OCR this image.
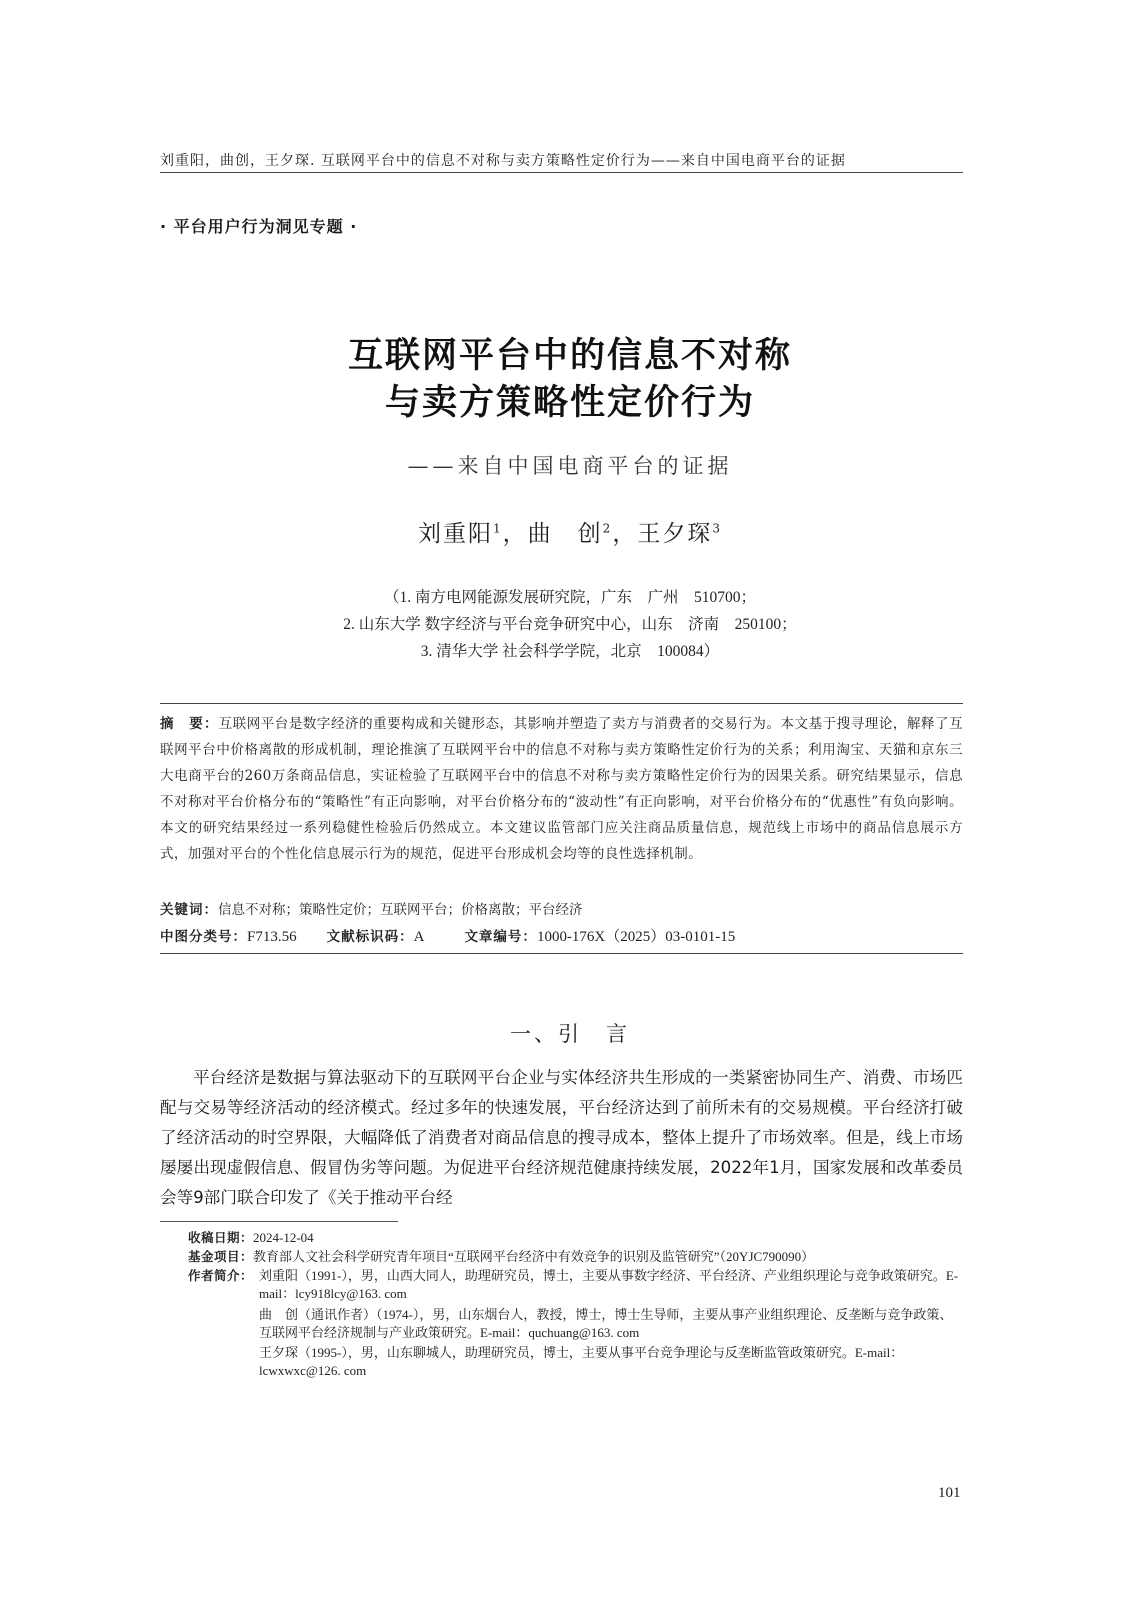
刘重阳，曲创，王夕琛. 互联网平台中的信息不对称与卖方策略性定价行为——来自中国电商平台的证据
· 平台用户行为洞见专题 ·
互联网平台中的信息不对称
与卖方策略性定价行为
——来自中国电商平台的证据
刘重阳$^1$，曲　创$^2$，王夕琛$^3$
（1. 南方电网能源发展研究院，广东　广州　510700；
2. 山东大学 数字经济与平台竞争研究中心，山东　济南　250100；
3. 清华大学 社会科学学院，北京　100084）
摘　要：互联网平台是数字经济的重要构成和关键形态，其影响并塑造了卖方与消费者的交易行为。本文基于搜寻理论，解释了互联网平台中价格离散的形成机制，理论推演了互联网平台中的信息不对称与卖方策略性定价行为的关系；利用淘宝、天猫和京东三大电商平台的260万条商品信息，实证检验了互联网平台中的信息不对称与卖方策略性定价行为的因果关系。研究结果显示，信息不对称对平台价格分布的“策略性”有正向影响，对平台价格分布的“波动性”有正向影响，对平台价格分布的“优惠性”有负向影响。本文的研究结果经过一系列稳健性检验后仍然成立。本文建议监管部门应关注商品质量信息，规范线上市场中的商品信息展示方式，加强对平台的个性化信息展示行为的规范，促进平台形成机会均等的良性选择机制。
关键词：信息不对称；策略性定价；互联网平台；价格离散；平台经济
中图分类号：F713.56 文献标识码：A	文章编号：1000-176X（2025）03-0101-15
一、引　言
平台经济是数据与算法驱动下的互联网平台企业与实体经济共生形成的一类紧密协同生产、消费、市场匹配与交易等经济活动的经济模式。经过多年的快速发展，平台经济达到了前所未有的交易规模。平台经济打破了经济活动的时空界限，大幅降低了消费者对商品信息的搜寻成本，整体上提升了市场效率。但是，线上市场屡屡出现虚假信息、假冒伪劣等问题。为促进平台经济规范健康持续发展，2022年1月，国家发展和改革委员会等9部门联合印发了《关于推动平台经
收稿日期：2024-12-04
基金项目：教育部人文社会科学研究青年项目“互联网平台经济中有效竞争的识别及监管研究”（20YJC790090）
作者简介： 刘重阳（1991-），男，山西大同人，助理研究员，博士，主要从事数字经济、平台经济、产业组织理论与竞争政策研究。E-mail：lcy918lcy@163. com
曲　创（通讯作者）（1974-），男，山东烟台人，教授，博士，博士生导师，主要从事产业组织理论、反垄断与竞争政策、互联网平台经济规制与产业政策研究。E-mail：quchuang@163. com
王夕琛（1995-），男，山东聊城人，助理研究员，博士，主要从事平台竞争理论与反垄断监管政策研究。E-mail：lcwxwxc@126. com
101
